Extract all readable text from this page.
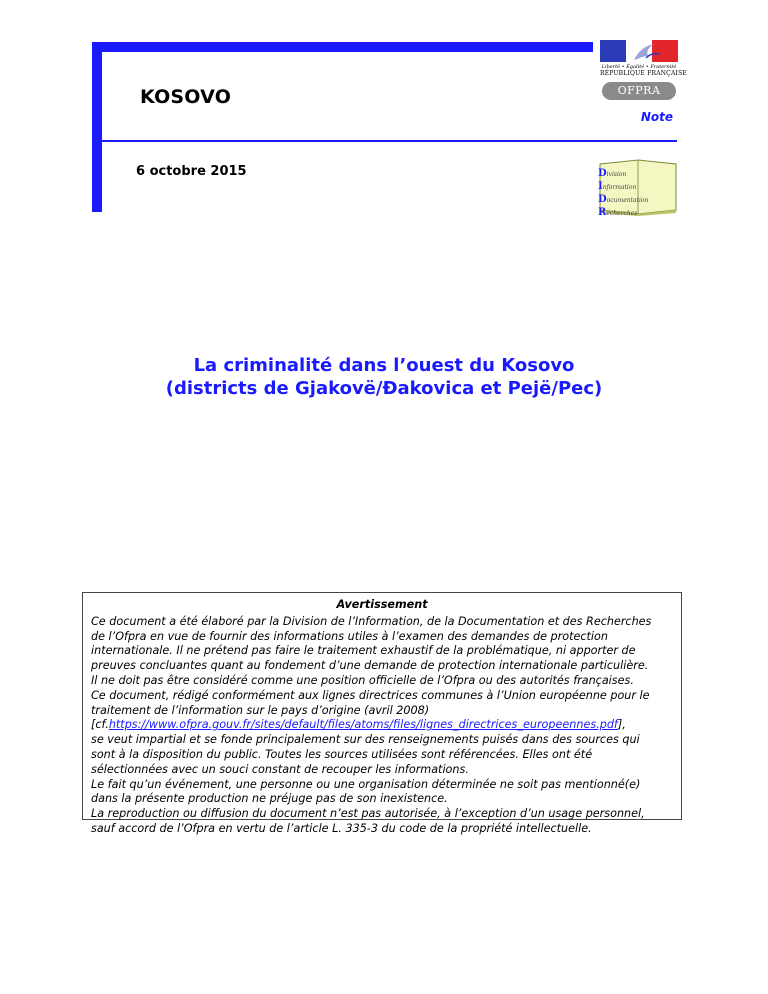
KOSOVO
Note
6 octobre 2015
Liberté • Égalité • Fraternité
RÉPUBLIQUE FRANÇAISE
OFPRA
Division
Information
Documentation
Recherches
La criminalité dans l’ouest du Kosovo
(districts de Gjakovë/Đakovica et Pejë/Pec)
Avertissement

Ce document a été élaboré par la Division de l’Information, de la Documentation et des Recherches

de l’Ofpra en vue de fournir des informations utiles à l’examen des demandes de protection

internationale. Il ne prétend pas faire le traitement exhaustif de la problématique, ni apporter de

preuves concluantes quant au fondement d’une demande de protection internationale particulière.

Il ne doit pas être considéré comme une position officielle de l’Ofpra ou des autorités françaises.

Ce document, rédigé conformément aux lignes directrices communes à l’Union européenne pour le

traitement de l’information sur le pays d’origine (avril 2008)

[cf.https://www.ofpra.gouv.fr/sites/default/files/atoms/files/lignes_directrices_europeennes.pdf],

se veut impartial et se fonde principalement sur des renseignements puisés dans des sources qui

sont à la disposition du public. Toutes les sources utilisées sont référencées. Elles ont été

sélectionnées avec un souci constant de recouper les informations.

Le fait qu’un événement, une personne ou une organisation déterminée ne soit pas mentionné(e)

dans la présente production ne préjuge pas de son inexistence.

La reproduction ou diffusion du document n’est pas autorisée, à l’exception d’un usage personnel,

sauf accord de l’Ofpra en vertu de l’article L. 335-3 du code de la propriété intellectuelle.
